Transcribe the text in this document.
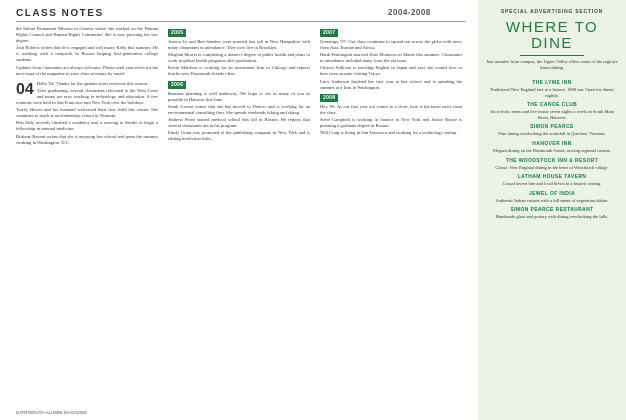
CLASS NOTES	2004-2008

the Italian Permanent Mission in Geneva where she worked on the Human Rights Council and Human Rights Committee. She is now pursuing her law degree.

Josh Roberts writes that he is engaged and will marry Kelly this summer. He is working with a nonprofit in Boston helping first-generation college students.

Updates from classmates are always welcome. Please send your news for the next issue of the magazine to your class secretary by email.

04 Hello '04. Thanks for the updates from everyone this season.

After graduating, several classmates relocated to the West Coast and many are now working in technology and education. A few reunions were held in San Francisco and New York over the holidays.

Torrey Hewes and her husband welcomed their first child this winter. She continues to teach at an elementary school in Vermont.

Bob Daly recently finished a residency and is moving to Seattle to begin a fellowship in internal medicine.

Brittany Bassett writes that she is enjoying law school and spent the summer working in Washington, D.C.

2005

Jessica Lu and Ben Sanders were married last fall in New Hampshire with many classmates in attendance. They now live in Brooklyn.

Meghan Morris is completing a master's degree in public health and plans to work in global health programs after graduation.

Kevin Mattison is working for an investment firm in Chicago and reports that he sees Dartmouth friends often.

2006

Reunion planning is well underway. We hope to see as many of you as possible in Hanover this June.

Sarah Gorton writes that she has moved to Denver and is working for an environmental consulting firm. She spends weekends hiking and skiing.

Andrew Perez started medical school this fall in Boston. He reports that several classmates are in his program.

Emily Grant was promoted at her publishing company in New York and is editing nonfiction titles.

2007

Greetings, '07. Our class continues to spread out across the globe with news from Asia, Europe and Africa.

Hank Pennington married Kate Montross in Maine this summer. Classmates in attendance included many from the ski team.

Chrissy Sullivan is teaching English in Japan and says she would love to hear from anyone visiting Tokyo.

Lucy Anderson finished her first year at law school and is spending the summer at a firm in Washington.

2008

Hey '08. As our first year out comes to a close, here is the latest news from the class.

Steve Campbell is working in finance in New York and Jackie Moore is pursuing a graduate degree in Boston.

Will Craig is living in San Francisco and working for a technology startup.

SPECIAL ADVERTISING SECTION
WHERE TO
DINE
Just minutes from campus, the Upper Valley offers some of the region's finest dining.
THE LYME INN
Traditional New England fare in a historic 1809 inn. Open for dinner nightly.
THE CANOE CLUB
An eclectic menu and live music seven nights a week on South Main Street, Hanover.
SIMON PEARCE
Fine dining overlooking the waterfall in Quechee, Vermont.
HANOVER INN
Elegant dining on the Dartmouth Green, serving regional cuisine.
THE WOODSTOCK INN & RESORT
Classic New England dining in the heart of Woodstock village.
LATHAM HOUSE TAVERN
Casual tavern fare and local brews in a historic setting.
JEWEL OF INDIA
Authentic Indian cuisine with a full menu of vegetarian dishes.
SIMON PEARCE RESTAURANT
Handmade glass and pottery with dining overlooking the falls.
DARTMOUTH ALUMNI MAGAZINE
